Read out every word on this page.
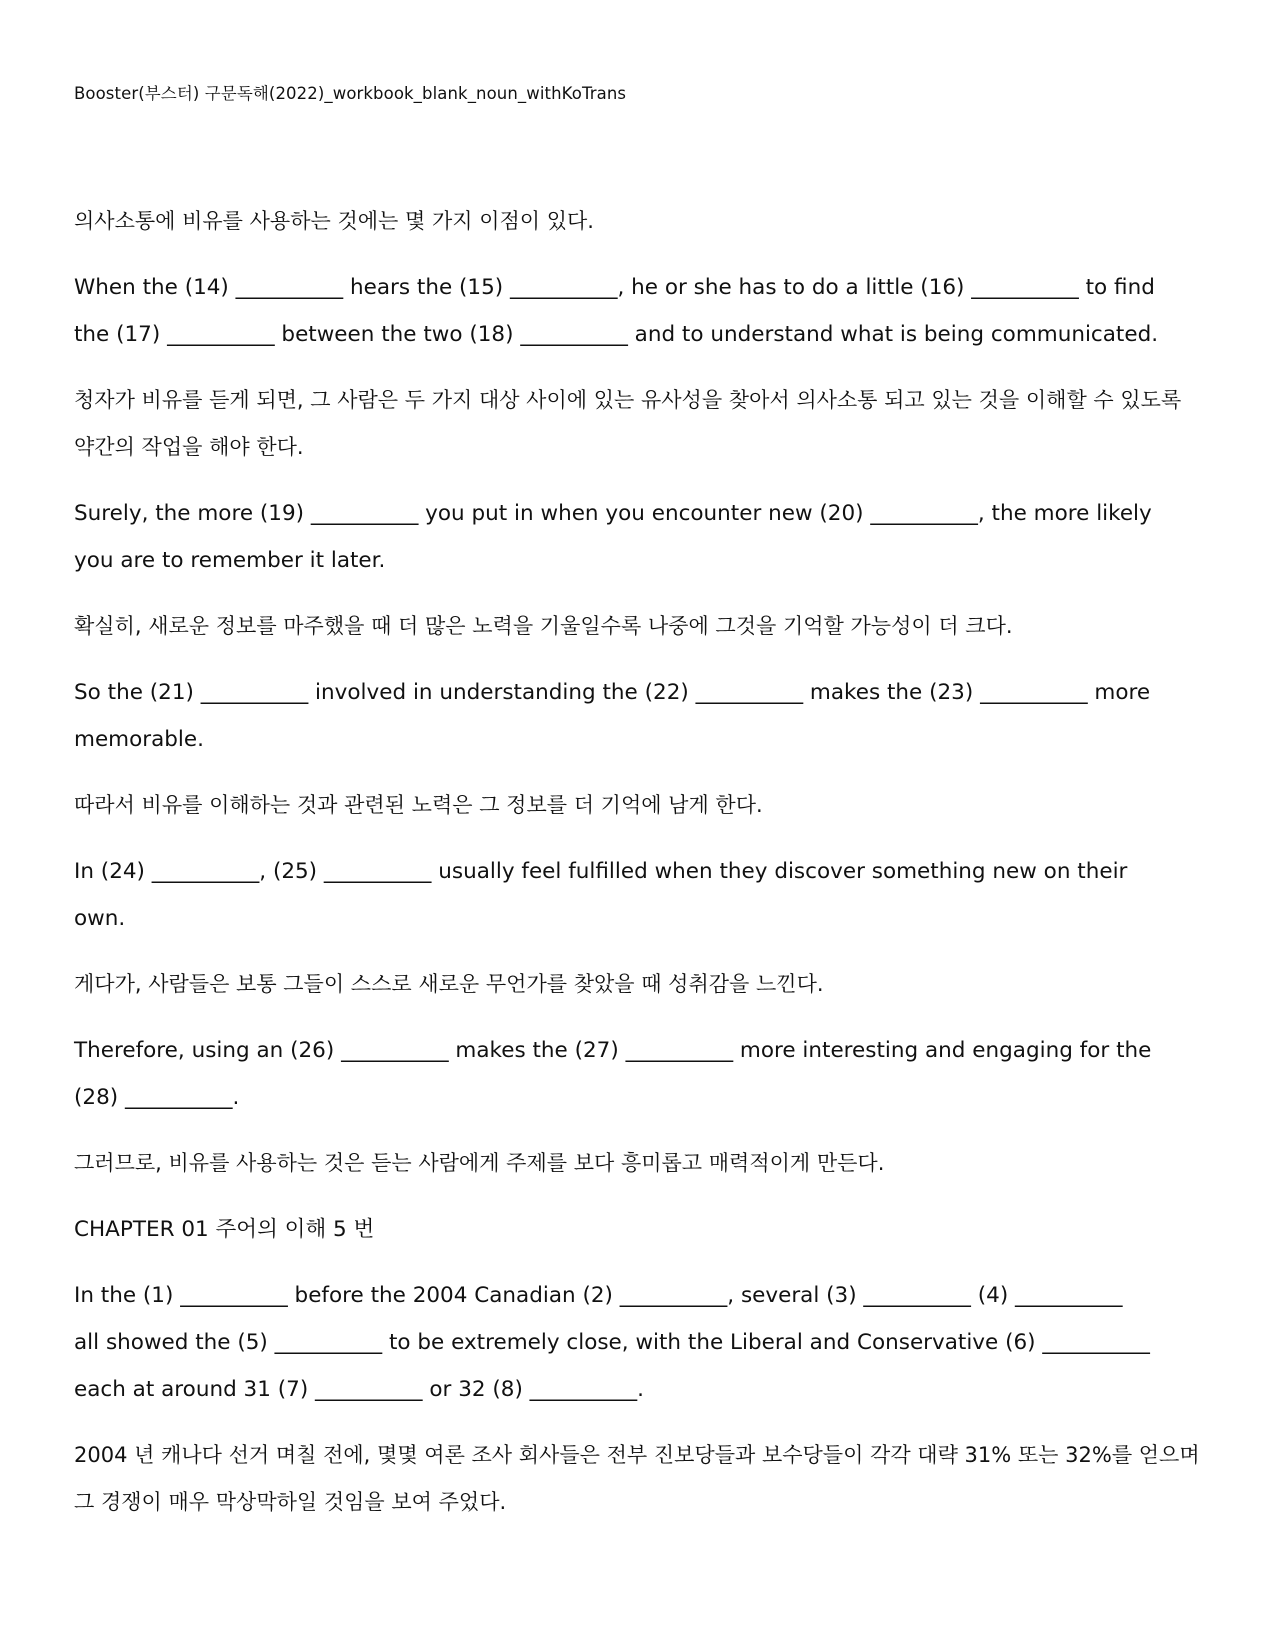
Booster(부스터) 구문독해(2022)_workbook_blank_noun_withKoTrans

의사소통에 비유를 사용하는 것에는 몇 가지 이점이 있다.

When the (14) __________ hears the (15) __________, he or she has to do a little (16) __________ to find

the (17) __________ between the two (18) __________ and to understand what is being communicated.

청자가 비유를 듣게 되면, 그 사람은 두 가지 대상 사이에 있는 유사성을 찾아서 의사소통 되고 있는 것을 이해할 수 있도록

약간의 작업을 해야 한다.

Surely, the more (19) __________ you put in when you encounter new (20) __________, the more likely

you are to remember it later.

확실히, 새로운 정보를 마주했을 때 더 많은 노력을 기울일수록 나중에 그것을 기억할 가능성이 더 크다.

So the (21) __________ involved in understanding the (22) __________ makes the (23) __________ more

memorable.

따라서 비유를 이해하는 것과 관련된 노력은 그 정보를 더 기억에 남게 한다.

In (24) __________, (25) __________ usually feel fulfilled when they discover something new on their

own.

게다가, 사람들은 보통 그들이 스스로 새로운 무언가를 찾았을 때 성취감을 느낀다.

Therefore, using an (26) __________ makes the (27) __________ more interesting and engaging for the

(28) __________.

그러므로, 비유를 사용하는 것은 듣는 사람에게 주제를 보다 흥미롭고 매력적이게 만든다.

CHAPTER 01 주어의 이해 5 번

In the (1) __________ before the 2004 Canadian (2) __________, several (3) __________ (4) __________

all showed the (5) __________ to be extremely close, with the Liberal and Conservative (6) __________

each at around 31 (7) __________ or 32 (8) __________.

2004 년 캐나다 선거 며칠 전에, 몇몇 여론 조사 회사들은 전부 진보당들과 보수당들이 각각 대략 31% 또는 32%를 얻으며

그 경쟁이 매우 막상막하일 것임을 보여 주었다.
